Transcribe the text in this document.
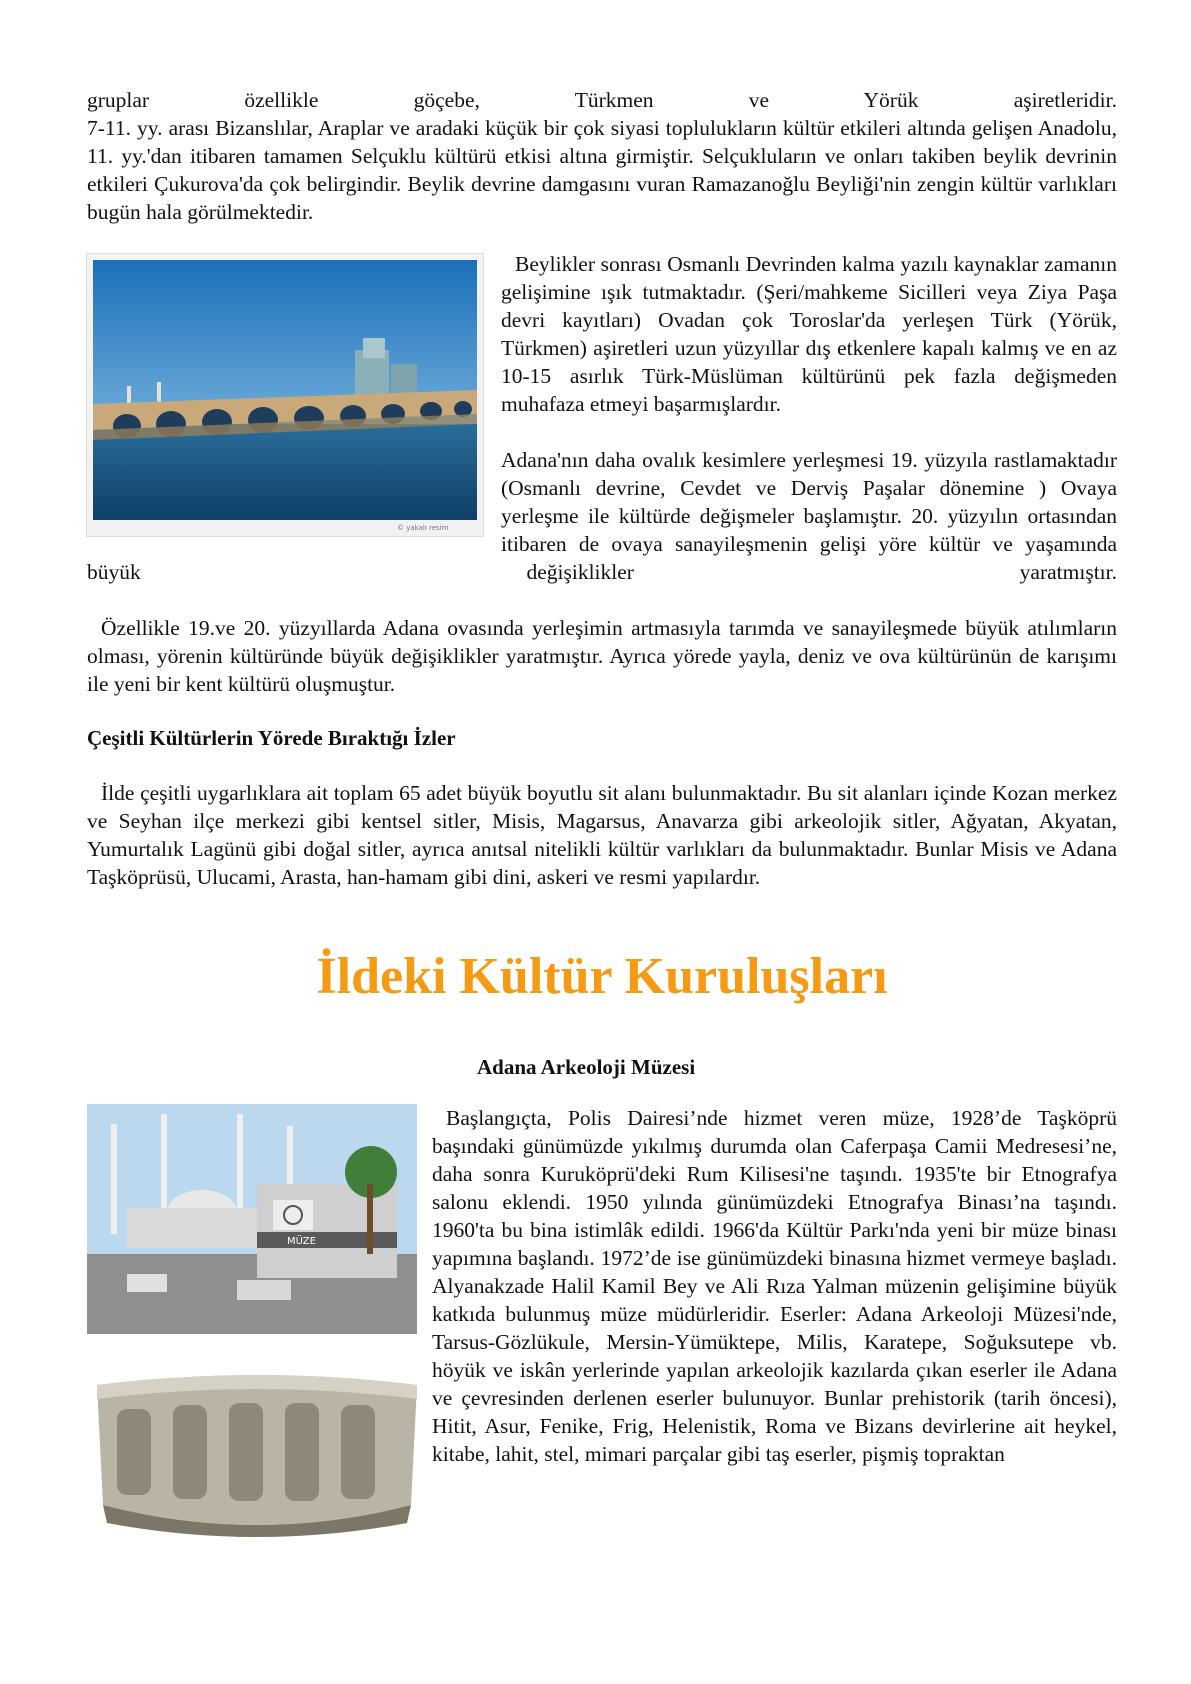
gruplar özellikle göçebe, Türkmen ve Yörük aşiretleridir.

7-11. yy. arası Bizanslılar, Araplar ve aradaki küçük bir çok siyasi toplulukların kültür etkileri altında gelişen Anadolu, 11. yy.'dan itibaren tamamen Selçuklu kültürü etkisi altına girmiştir. Selçukluların ve onları takiben beylik devrinin etkileri Çukurova'da çok belirgindir. Beylik devrine damgasını vuran Ramazanoğlu Beyliği'nin zengin kültür varlıkları bugün hala görülmektedir.

© yakalı resim

Beylikler sonrası Osmanlı Devrinden kalma yazılı kaynaklar zamanın gelişimine ışık tutmaktadır. (Şeri/mahkeme Sicilleri veya Ziya Paşa devri kayıtları) Ovadan çok Toroslar'da yerleşen Türk (Yörük, Türkmen) aşiretleri uzun yüzyıllar dış etkenlere kapalı kalmış ve en az 10-15 asırlık Türk-Müslüman kültürünü pek fazla değişmeden muhafaza etmeyi başarmışlardır.

Adana'nın daha ovalık kesimlere yerleşmesi 19. yüzyıla rastlamaktadır (Osmanlı devrine, Cevdet ve Derviş Paşalar dönemine ) Ovaya yerleşme ile kültürde değişmeler başlamıştır. 20. yüzyılın ortasından itibaren de ovaya sanayileşmenin gelişi yöre kültür ve yaşamında

büyük değişiklikler yaratmıştır.

Özellikle 19.ve 20. yüzyıllarda Adana ovasında yerleşimin artmasıyla tarımda ve sanayileşmede büyük atılımların olması, yörenin kültüründe büyük değişiklikler yaratmıştır. Ayrıca yörede yayla, deniz ve ova kültürünün de karışımı ile yeni bir kent kültürü oluşmuştur.

Çeşitli Kültürlerin Yörede Bıraktığı İzler

İlde çeşitli uygarlıklara ait toplam 65 adet büyük boyutlu sit alanı bulunmaktadır. Bu sit alanları içinde Kozan merkez ve Seyhan ilçe merkezi gibi kentsel sitler, Misis, Magarsus, Anavarza gibi arkeolojik sitler, Ağyatan, Akyatan, Yumurtalık Lagünü gibi doğal sitler, ayrıca anıtsal nitelikli kültür varlıkları da bulunmaktadır. Bunlar Misis ve Adana Taşköprüsü, Ulucami, Arasta, han-hamam gibi dini, askeri ve resmi yapılardır.

İldeki Kültür Kuruluşları

Adana Arkeoloji Müzesi

MÜZE

Başlangıçta, Polis Dairesi’nde hizmet veren müze, 1928’de Taşköprü başındaki günümüzde yıkılmış durumda olan Caferpaşa Camii Medresesi’ne, daha sonra Kuruköprü'deki Rum Kilisesi'ne taşındı. 1935'te bir Etnografya salonu eklendi. 1950 yılında günümüzdeki Etnografya Binası’na taşındı. 1960'ta bu bina istimlâk edildi. 1966'da Kültür Parkı'nda yeni bir müze binası yapımına başlandı. 1972’de ise günümüzdeki binasına hizmet vermeye başladı. Alyanakzade Halil Kamil Bey ve Ali Rıza Yalman müzenin gelişimine büyük katkıda bulunmuş müze müdürleridir. Eserler: Adana Arkeoloji Müzesi'nde, Tarsus-Gözlükule, Mersin-Yümüktepe, Milis, Karatepe, Soğuksutepe vb. höyük ve iskân yerlerinde yapılan arkeolojik kazılarda çıkan eserler ile Adana ve çevresinden derlenen eserler bulunuyor. Bunlar prehistorik (tarih öncesi), Hitit, Asur, Fenike, Frig, Helenistik, Roma ve Bizans devirlerine ait heykel, kitabe, lahit, stel, mimari parçalar gibi taş eserler, pişmiş topraktan
